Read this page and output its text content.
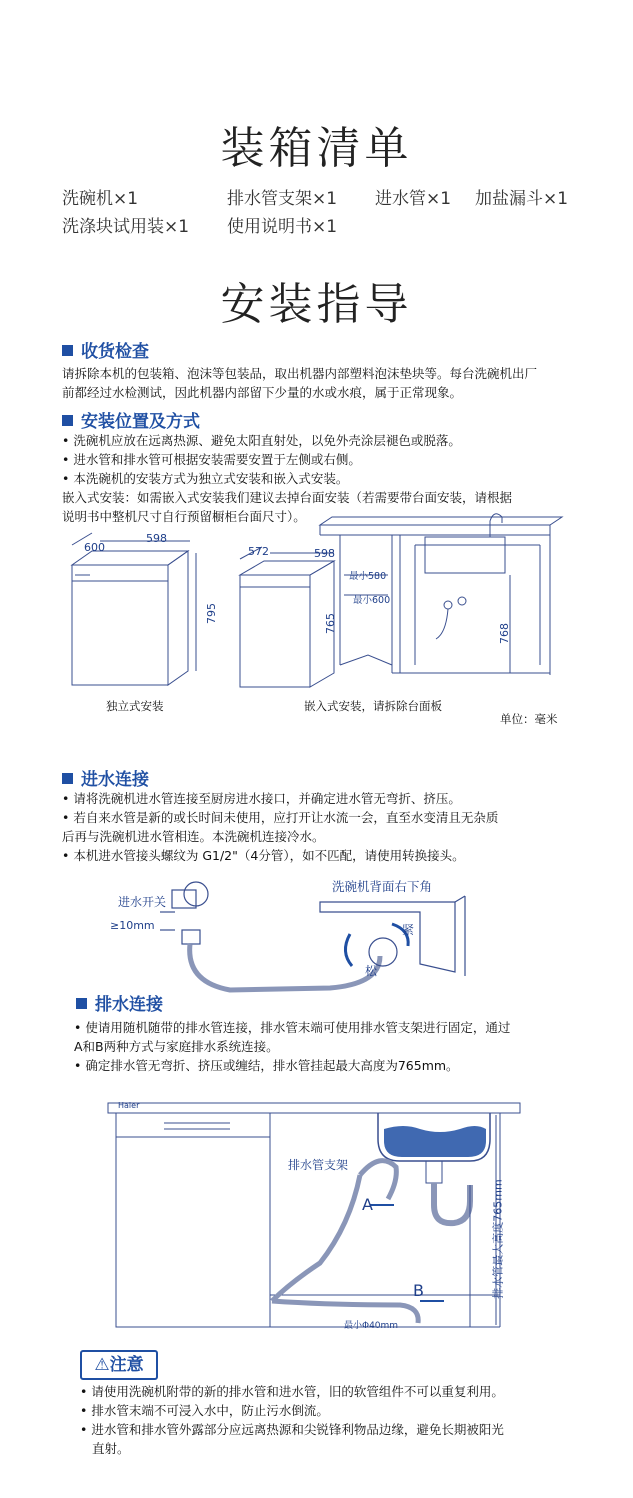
装箱清单
洗碗机×1	排水管支架×1 进水管×1 加盐漏斗×1
洗涤块试用装×1 使用说明书×1
安装指导
收货检查
请拆除本机的包装箱、泡沫等包装品，取出机器内部塑料泡沫垫块等。每台洗碗机出厂
前都经过水检测试，因此机器内部留下少量的水或水痕，属于正常现象。
安装位置及方式
• 洗碗机应放在远离热源、避免太阳直射处，以免外壳涂层褪色或脱落。
• 进水管和排水管可根据安装需要安置于左侧或右侧。
• 本洗碗机的安装方式为独立式安装和嵌入式安装。
嵌入式安装：如需嵌入式安装我们建议去掉台面安装（若需要带台面安装，请根据
说明书中整机尺寸自行预留橱柜台面尺寸）。
600
598
795
572	598
765
最小580
最小600
768
独立式安装	嵌入式安装，请拆除台面板
单位：毫米
进水连接
• 请将洗碗机进水管连接至厨房进水接口，并确定进水管无弯折、挤压。
• 若自来水管是新的或长时间未使用，应打开让水流一会，直至水变清且无杂质
后再与洗碗机进水管相连。本洗碗机连接冷水。
• 本机进水管接头螺纹为 G1/2"（4分管），如不匹配，请使用转换接头。
进水开关
≥10mm
洗碗机背面右下角
紧
松
排水连接
• 使请用随机随带的排水管连接，排水管末端可使用排水管支架进行固定，通过
A和B两种方式与家庭排水系统连接。
• 确定排水管无弯折、挤压或缠结，排水管挂起最大高度为765mm。
Haier
排水管支架
A
B
最小Φ40mm
排水管最大高度765mm
⚠注意
• 请使用洗碗机附带的新的排水管和进水管，旧的软管组件不可以重复利用。
• 排水管末端不可浸入水中，防止污水倒流。
• 进水管和排水管外露部分应远离热源和尖锐锋利物品边缘，避免长期被阳光
直射。
